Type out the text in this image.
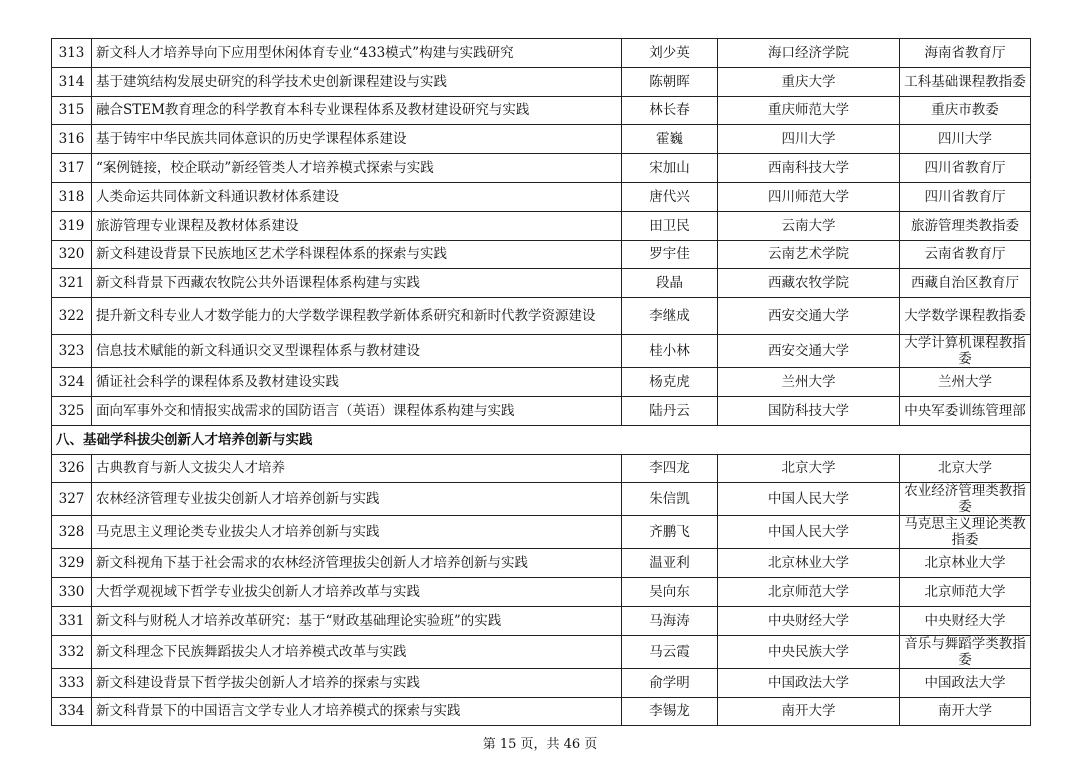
313	新文科人才培养导向下应用型休闲体育专业“433模式”构建与实践研究	刘少英	海口经济学院	海南省教育厅
314	基于建筑结构发展史研究的科学技术史创新课程建设与实践	陈朝晖	重庆大学	工科基础课程教指委
315	融合STEM教育理念的科学教育本科专业课程体系及教材建设研究与实践	林长春	重庆师范大学	重庆市教委
316	基于铸牢中华民族共同体意识的历史学课程体系建设	霍巍	四川大学	四川大学
317	“案例链接，校企联动”新经管类人才培养模式探索与实践	宋加山	西南科技大学	四川省教育厅
318	人类命运共同体新文科通识教材体系建设	唐代兴	四川师范大学	四川省教育厅
319	旅游管理专业课程及教材体系建设	田卫民	云南大学	旅游管理类教指委
320	新文科建设背景下民族地区艺术学科课程体系的探索与实践	罗宇佳	云南艺术学院	云南省教育厅
321	新文科背景下西藏农牧院公共外语课程体系构建与实践	段晶	西藏农牧学院	西藏自治区教育厅
322	提升新文科专业人才数学能力的大学数学课程教学新体系研究和新时代教学资源建设	李继成	西安交通大学	大学数学课程教指委
323	信息技术赋能的新文科通识交叉型课程体系与教材建设	桂小林	西安交通大学	大学计算机课程教指委
324	循证社会科学的课程体系及教材建设实践	杨克虎	兰州大学	兰州大学
325	面向军事外交和情报实战需求的国防语言（英语）课程体系构建与实践	陆丹云	国防科技大学	中央军委训练管理部
八、基础学科拔尖创新人才培养创新与实践				
326	古典教育与新人文拔尖人才培养	李四龙	北京大学	北京大学
327	农林经济管理专业拔尖创新人才培养创新与实践	朱信凯	中国人民大学	农业经济管理类教指委
328	马克思主义理论类专业拔尖人才培养创新与实践	齐鹏飞	中国人民大学	马克思主义理论类教指委
329	新文科视角下基于社会需求的农林经济管理拔尖创新人才培养创新与实践	温亚利	北京林业大学	北京林业大学
330	大哲学观视域下哲学专业拔尖创新人才培养改革与实践	吴向东	北京师范大学	北京师范大学
331	新文科与财税人才培养改革研究：基于“财政基础理论实验班”的实践	马海涛	中央财经大学	中央财经大学
332	新文科理念下民族舞蹈拔尖人才培养模式改革与实践	马云霞	中央民族大学	音乐与舞蹈学类教指委
333	新文科建设背景下哲学拔尖创新人才培养的探索与实践	俞学明	中国政法大学	中国政法大学
334	新文科背景下的中国语言文学专业人才培养模式的探索与实践	李锡龙	南开大学	南开大学
第 15 页，共 46 页
